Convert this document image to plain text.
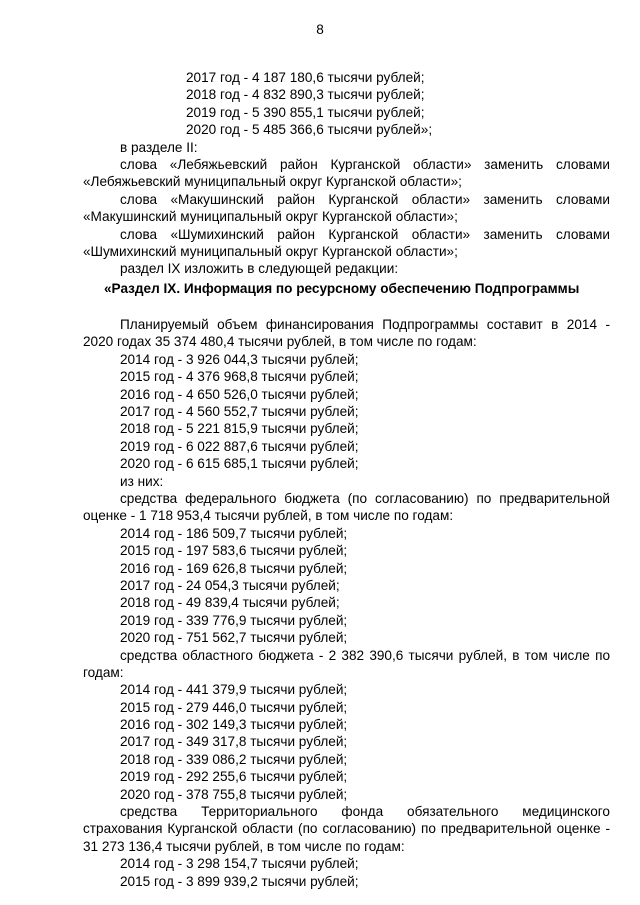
8
2017 год - 4 187 180,6 тысячи рублей;
2018 год - 4 832 890,3 тысячи рублей;
2019 год - 5 390 855,1 тысячи рублей;
2020 год - 5 485 366,6 тысячи рублей»;
в разделе II:
слова «Лебяжьевский район Курганской области» заменить словами
«Лебяжьевский муниципальный округ Курганской области»;
слова «Макушинский район Курганской области» заменить словами
«Макушинский муниципальный округ Курганской области»;
слова «Шумихинский район Курганской области» заменить словами
«Шумихинский муниципальный округ Курганской области»;
раздел IX изложить в следующей редакции:
«Раздел IX. Информация по ресурсному обеспечению Подпрограммы
Планируемый объем финансирования Подпрограммы составит в 2014 -
2020 годах 35 374 480,4 тысячи рублей, в том числе по годам:
2014 год - 3 926 044,3 тысячи рублей;
2015 год - 4 376 968,8 тысячи рублей;
2016 год - 4 650 526,0 тысячи рублей;
2017 год - 4 560 552,7 тысячи рублей;
2018 год - 5 221 815,9 тысячи рублей;
2019 год - 6 022 887,6 тысячи рублей;
2020 год - 6 615 685,1 тысячи рублей;
из них:
средства федерального бюджета (по согласованию) по предварительной
оценке - 1 718 953,4 тысячи рублей, в том числе по годам:
2014 год - 186 509,7 тысячи рублей;
2015 год - 197 583,6 тысячи рублей;
2016 год - 169 626,8 тысячи рублей;
2017 год - 24 054,3 тысячи рублей;
2018 год - 49 839,4 тысячи рублей;
2019 год - 339 776,9 тысячи рублей;
2020 год - 751 562,7 тысячи рублей;
средства областного бюджета - 2 382 390,6 тысячи рублей, в том числе по
годам:
2014 год - 441 379,9 тысячи рублей;
2015 год - 279 446,0 тысячи рублей;
2016 год - 302 149,3 тысячи рублей;
2017 год - 349 317,8 тысячи рублей;
2018 год - 339 086,2 тысячи рублей;
2019 год - 292 255,6 тысячи рублей;
2020 год - 378 755,8 тысячи рублей;
средства Территориального фонда обязательного медицинского
страхования Курганской области (по согласованию) по предварительной оценке -
31 273 136,4 тысячи рублей, в том числе по годам:
2014 год - 3 298 154,7 тысячи рублей;
2015 год - 3 899 939,2 тысячи рублей;
